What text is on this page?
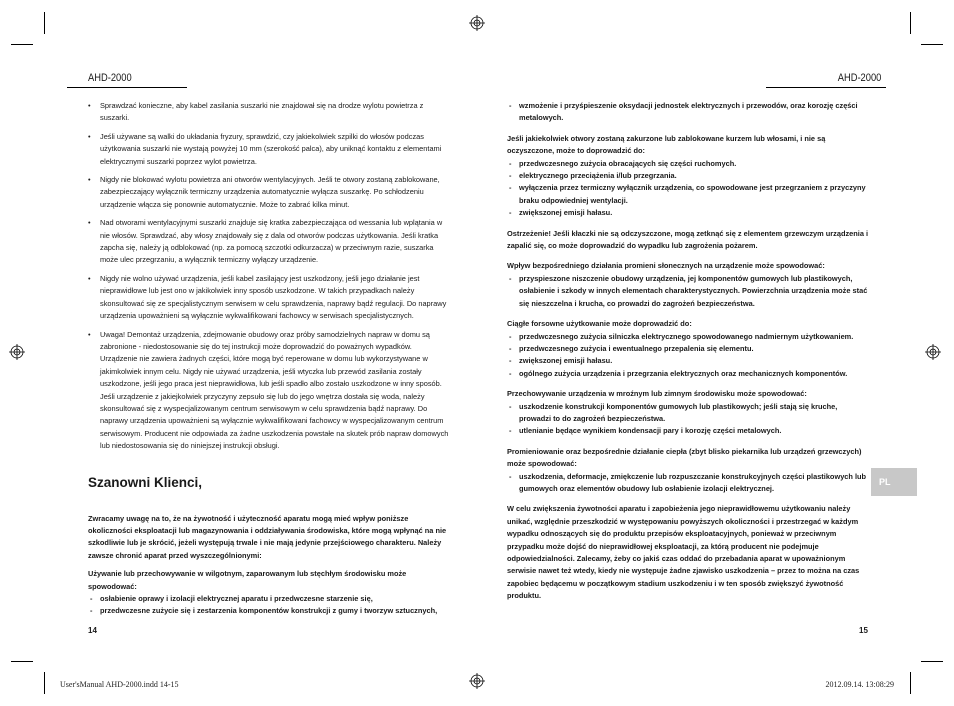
AHD-2000	AHD-2000
• Sprawdzać konieczne, aby kabel zasilania suszarki nie znajdował się na drodze wylotu powietrza z suszarki.
• Jeśli używane są walki do układania fryzury, sprawdzić, czy jakiekolwiek szpilki do włosów podczas użytkowania suszarki nie wystają powyżej 10 mm (szerokość palca), aby uniknąć kontaktu z elementami elektrycznymi suszarki poprzez wylot powietrza.
• Nigdy nie blokować wylotu powietrza ani otworów wentylacyjnych. Jeśli te otwory zostaną zablokowane, zabezpieczający wyłącznik termiczny urządzenia automatycznie wyłącza suszarkę. Po schłodzeniu urządzenie włącza się ponownie automatycznie. Może to zabrać kilka minut.
• Nad otworami wentylacyjnymi suszarki znajduje się kratka zabezpieczająca od wessania lub wplątania w nie włosów. Sprawdzać, aby włosy znajdowały się z dala od otworów podczas użytkowania. Jeśli kratka zapcha się, należy ją odblokować (np. za pomocą szczotki odkurzacza) w przeciwnym razie, suszarka może ulec przegrzaniu, a wyłącznik termiczny wyłączy urządzenie.
• Nigdy nie wolno używać urządzenia, jeśli kabel zasilający jest uszkodzony, jeśli jego działanie jest nieprawidłowe lub jest ono w jakikolwiek inny sposób uszkodzone. W takich przypadkach należy skonsultować się ze specjalistycznym serwisem w celu sprawdzenia, naprawy bądź regulacji. Do naprawy urządzenia upoważnieni są wyłącznie wykwalifikowani fachowcy w serwisach specjalistycznych.
• Uwaga! Demontaż urządzenia, zdejmowanie obudowy oraz próby samodzielnych napraw w domu są zabronione - niedostosowanie się do tej instrukcji może doprowadzić do poważnych wypadków. Urządzenie nie zawiera żadnych części, które mogą być reperowane w domu lub wykorzystywane w jakimkolwiek innym celu. Nigdy nie używać urządzenia, jeśli wtyczka lub przewód zasilania zostały uszkodzone, jeśli jego praca jest nieprawidłowa, lub jeśli spadło albo zostało uszkodzone w inny sposób. Jeśli urządzenie z jakiejkolwiek przyczyny zepsuło się lub do jego wnętrza dostała się woda, należy skonsultować się z wyspecjalizowanym centrum serwisowym w celu sprawdzenia bądź naprawy. Do naprawy urządzenia upoważnieni są wyłącznie wykwalifikowani fachowcy w wyspecjalizowanym centrum serwisowym. Producent nie odpowiada za żadne uszkodzenia powstałe na skutek prób napraw domowych lub niedostosowania się do niniejszej instrukcji obsługi.
Szanowni Klienci,

Zwracamy uwagę na to, że na żywotność i użyteczność aparatu mogą mieć wpływ poniższe okoliczności eksploatacji lub magazynowania i oddziaływania środowiska, które mogą wpłynąć na nie szkodliwie lub je skrócić, jeżeli występują trwale i nie mają jedynie przejściowego charakteru. Należy zawsze chronić aparat przed wyszczególnionymi:

Używanie lub przechowywanie w wilgotnym, zaparowanym lub stęchłym środowisku może spowodować:

- osłabienie oprawy i izolacji elektrycznej aparatu i przedwczesne starzenie się,
- przedwczesne zużycie się i zestarzenia komponentów konstrukcji z gumy i tworzyw sztucznych,
14
- wzmożenie i przyśpieszenie oksydacji jednostek elektrycznych i przewodów, oraz korozję części metalowych.
Jeśli jakiekolwiek otwory zostaną zakurzone lub zablokowane kurzem lub włosami, i nie są oczyszczone, może to doprowadzić do:
- przedwczesnego zużycia obracających się części ruchomych.
- elektrycznego przeciążenia i/lub przegrzania.
- wyłączenia przez termiczny wyłącznik urządzenia, co spowodowane jest przegrzaniem z przyczyny braku odpowiedniej wentylacji.
- zwiększonej emisji hałasu.
Ostrzeżenie! Jeśli kłaczki nie są odczyszczone, mogą zetknąć się z elementem grzewczym urządzenia i zapalić się, co może doprowadzić do wypadku lub zagrożenia pożarem.
Wpływ bezpośredniego działania promieni słonecznych na urządzenie może spowodować:
- przyspieszone niszczenie obudowy urządzenia, jej komponentów gumowych lub plastikowych, osłabienie i szkody w innych elementach charakterystycznych. Powierzchnia urządzenia może stać się nieszczelna i krucha, co prowadzi do zagrożeń bezpieczeństwa.
Ciągłe forsowne użytkowanie może doprowadzić do:
- przedwczesnego zużycia silniczka elektrycznego spowodowanego nadmiernym użytkowaniem.
- przedwczesnego zużycia i ewentualnego przepalenia się elementu.
- zwiększonej emisji hałasu.
- ogólnego zużycia urządzenia i przegrzania elektrycznych oraz mechanicznych komponentów.
Przechowywanie urządzenia w mroźnym lub zimnym środowisku może spowodować:
- uszkodzenie konstrukcji komponentów gumowych lub plastikowych; jeśli stają się kruche, prowadzi to do zagrożeń bezpieczeństwa.
- utlenianie będące wynikiem kondensacji pary i korozję części metalowych.
Promieniowanie oraz bezpośrednie działanie ciepła (zbyt blisko piekarnika lub urządzeń grzewczych) może spowodować:
- uszkodzenia, deformacje, zmiękczenie lub rozpuszczanie konstrukcyjnych części plastikowych lub gumowych oraz elementów obudowy lub osłabienie izolacji elektrycznej.
W celu zwiększenia żywotności aparatu i zapobieżenia jego nieprawidłowemu użytkowaniu należy unikać, względnie przeszkodzić w występowaniu powyższych okoliczności i przestrzegać w każdym wypadku odnoszących się do produktu przepisów eksploatacyjnych, ponieważ w przeciwnym przypadku może dojść do nieprawidłowej eksploatacji, za którą producent nie podejmuje odpowiedzialności. Zalecamy, żeby co jakiś czas oddać do przebadania aparat w upoważnionym serwisie nawet też wtedy, kiedy nie występuje żadne zjawisko uszkodzenia – przez to można na czas zapobiec będącemu w początkowym stadium uszkodzeniu i w ten sposób zwiększyć żywotność produktu.
15
PL
User'sManual AHD-2000.indd 14-15	2012.09.14. 13:08:29
